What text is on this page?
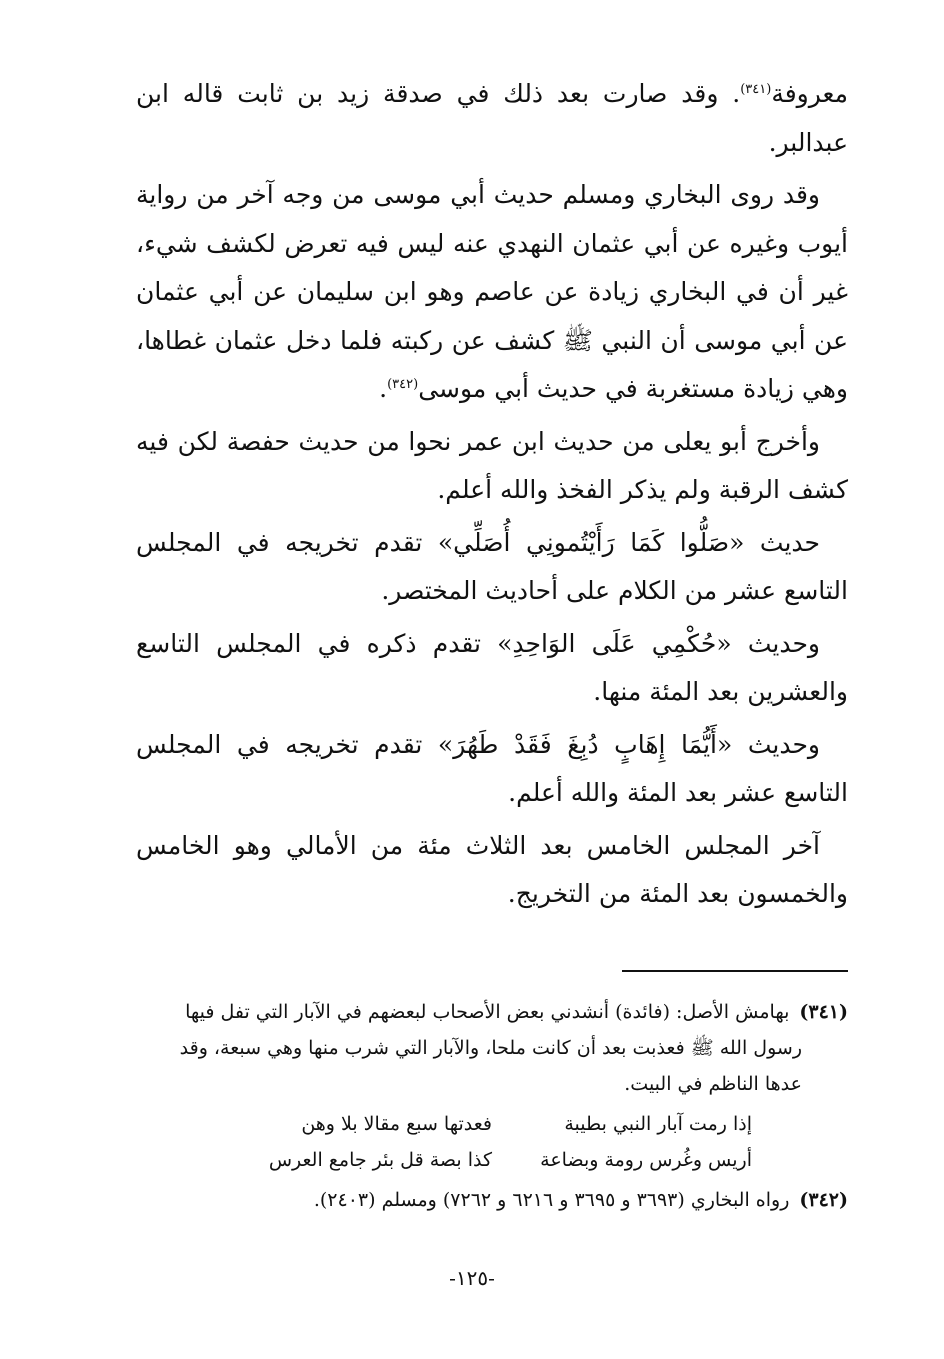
معروفة$^{(٣٤١)}$. وقد صارت بعد ذلك في صدقة زيد بن ثابت قاله ابن عبدالبر.

وقد روى البخاري ومسلم حديث أبي موسى من وجه آخر من رواية أيوب وغيره عن أبي عثمان النهدي عنه ليس فيه تعرض لكشف شيء، غير أن في البخاري زيادة عن عاصم وهو ابن سليمان عن أبي عثمان عن أبي موسى أن النبي ﷺ كشف عن ركبته فلما دخل عثمان غطاها، وهي زيادة مستغربة في حديث أبي موسى$^{(٣٤٢)}$.

وأخرج أبو يعلى من حديث ابن عمر نحوا من حديث حفصة لكن فيه كشف الرقبة ولم يذكر الفخذ والله أعلم.

حديث «صَلُّوا كَمَا رَأَيْتُمونِي أُصَلِّي» تقدم تخريجه في المجلس التاسع عشر من الكلام على أحاديث المختصر.

وحديث «حُكْمِي عَلَى الوَاحِدِ» تقدم ذكره في المجلس التاسع والعشرين بعد المئة منها.

وحديث «أَيُّمَا إِهَابٍ دُبِغَ فَقَدْ طَهُرَ» تقدم تخريجه في المجلس التاسع عشر بعد المئة والله أعلم.

آخر المجلس الخامس بعد الثلاث مئة من الأمالي وهو الخامس والخمسون بعد المئة من التخريج.

(٣٤١)بهامش الأصل: (فائدة) أنشدني بعض الأصحاب لبعضهم في الآبار التي تفل فيها

رسول الله ﷺ فعذبت بعد أن كانت ملحا، والآبار التي شرب منها وهي سبعة، وقد

عدها الناظم في البيت.

إذا رمت آبار النبي بطيبة
فعدتها سبع مقالا بلا وهن
أريس وغُرس رومة وبضاعة
كذا بصة قل بئر جامع العرس

(٣٤٢)رواه البخاري (٣٦٩٣ و ٣٦٩٥ و ٦٢١٦ و ٧٢٦٢) ومسلم (٢٤٠٣).

-١٢٥-
